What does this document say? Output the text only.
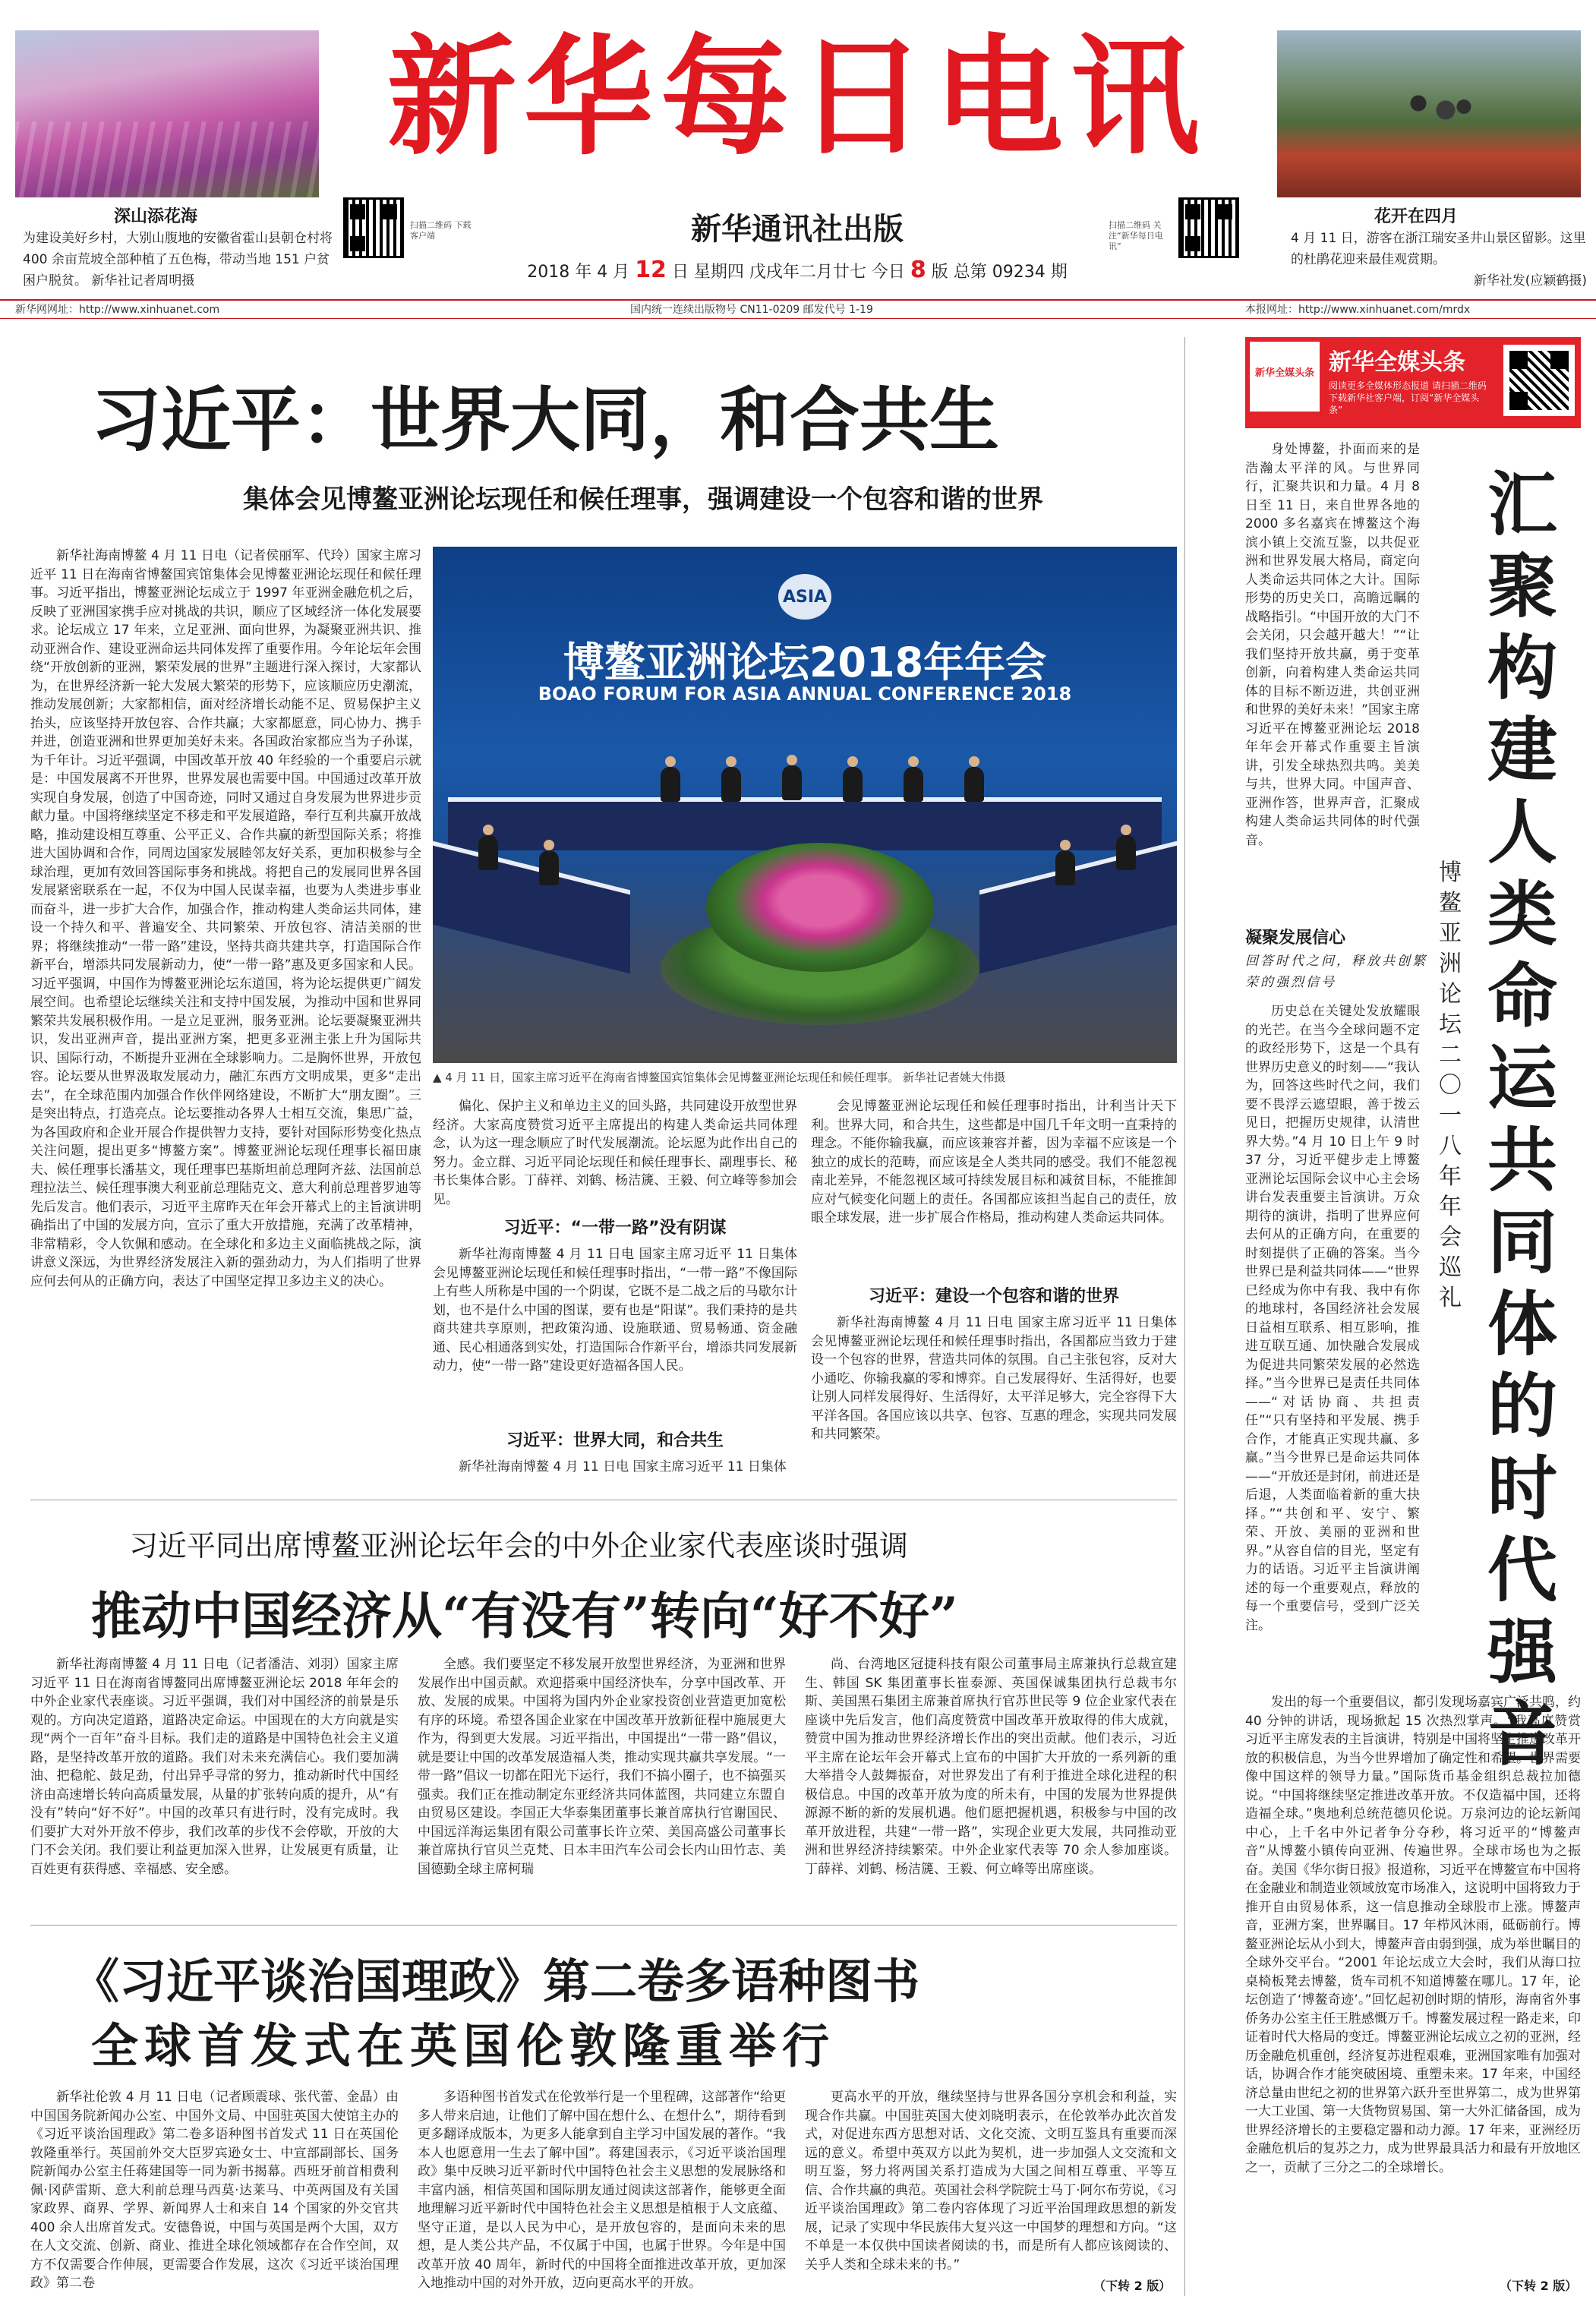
深山添花海
为建设美好乡村，大别山腹地的安徽省霍山县朝仓村将 400 余亩荒坡全部种植了五色梅，带动当地 151 户贫困户脱贫。 新华社记者周明摄
扫描二维码 下载客户端
新华每日电讯
新华通讯社出版
2018 年 4 月 12 日 星期四 戊戌年二月廿七 今日 8 版 总第 09234 期
扫描二维码 关注“新华每日电讯”
花开在四月
4 月 11 日，游客在浙江瑞安圣井山景区留影。这里的杜鹃花迎来最佳观赏期。
新华社发(应颖鹤摄)
新华网网址：http://www.xinhuanet.com	国内统一连续出版物号 CN11-0209 邮发代号 1-19	本报网址：http://www.xinhuanet.com/mrdx
习近平：世界大同，和合共生
集体会见博鳌亚洲论坛现任和候任理事，强调建设一个包容和谐的世界

新华社海南博鳌 4 月 11 日电（记者侯丽军、代玲）国家主席习近平 11 日在海南省博鳌国宾馆集体会见博鳌亚洲论坛现任和候任理事。习近平指出，博鳌亚洲论坛成立于 1997 年亚洲金融危机之后，反映了亚洲国家携手应对挑战的共识，顺应了区域经济一体化发展要求。论坛成立 17 年来，立足亚洲、面向世界，为凝聚亚洲共识、推动亚洲合作、建设亚洲命运共同体发挥了重要作用。今年论坛年会围绕“开放创新的亚洲，繁荣发展的世界”主题进行深入探讨，大家都认为，在世界经济新一轮大发展大繁荣的形势下，应该顺应历史潮流，推动发展创新；大家都相信，面对经济增长动能不足、贸易保护主义抬头，应该坚持开放包容、合作共赢；大家都愿意，同心协力、携手并进，创造亚洲和世界更加美好未来。各国政治家都应当为子孙谋，为千年计。习近平强调，中国改革开放 40 年经验的一个重要启示就是：中国发展离不开世界，世界发展也需要中国。中国通过改革开放实现自身发展，创造了中国奇迹，同时又通过自身发展为世界进步贡献力量。中国将继续坚定不移走和平发展道路，奉行互利共赢开放战略，推动建设相互尊重、公平正义、合作共赢的新型国际关系；将推进大国协调和合作，同周边国家发展睦邻友好关系，更加积极参与全球治理，更加有效回答国际事务和挑战。将把自己的发展同世界各国发展紧密联系在一起，不仅为中国人民谋幸福，也要为人类进步事业而奋斗，进一步扩大合作，加强合作，推动构建人类命运共同体，建设一个持久和平、普遍安全、共同繁荣、开放包容、清洁美丽的世界；将继续推动“一带一路”建设，坚持共商共建共享，打造国际合作新平台，增添共同发展新动力，使“一带一路”惠及更多国家和人民。习近平强调，中国作为博鳌亚洲论坛东道国，将为论坛提供更广阔发展空间。也希望论坛继续关注和支持中国发展，为推动中国和世界同繁荣共发展积极作用。一是立足亚洲，服务亚洲。论坛要凝聚亚洲共识，发出亚洲声音，提出亚洲方案，把更多亚洲主张上升为国际共识、国际行动，不断提升亚洲在全球影响力。二是胸怀世界，开放包容。论坛要从世界汲取发展动力，融汇东西方文明成果，更多“走出去”，在全球范围内加强合作伙伴网络建设，不断扩大“朋友圈”。三是突出特点，打造亮点。论坛要推动各界人士相互交流，集思广益，为各国政府和企业开展合作提供智力支持，要针对国际形势变化热点关注问题，提出更多“博鳌方案”。博鳌亚洲论坛现任理事长福田康夫、候任理事长潘基文，现任理事巴基斯坦前总理阿齐兹、法国前总理拉法兰、候任理事澳大利亚前总理陆克文、意大利前总理普罗迪等先后发言。他们表示，习近平主席昨天在年会开幕式上的主旨演讲明确指出了中国的发展方向，宣示了重大开放措施，充满了改革精神，非常精彩，令人钦佩和感动。在全球化和多边主义面临挑战之际，演讲意义深远，为世界经济发展注入新的强劲动力，为人们指明了世界应何去何从的正确方向，表达了中国坚定捍卫多边主义的决心。

ASIA
博鳌亚洲论坛2018年年会
BOAO FORUM FOR ASIA ANNUAL CONFERENCE 2018
▲ 4 月 11 日，国家主席习近平在海南省博鳌国宾馆集体会见博鳌亚洲论坛现任和候任理事。 新华社记者姚大伟摄

偏化、保护主义和单边主义的回头路，共同建设开放型世界经济。大家高度赞赏习近平主席提出的构建人类命运共同体理念，认为这一理念顺应了时代发展潮流。论坛愿为此作出自己的努力。金立群、习近平同论坛现任和候任理事长、副理事长、秘书长集体合影。丁薛祥、刘鹤、杨洁篪、王毅、何立峰等参加会见。

习近平：“一带一路”没有阴谋

新华社海南博鳌 4 月 11 日电 国家主席习近平 11 日集体会见博鳌亚洲论坛现任和候任理事时指出，“一带一路”不像国际上有些人所称是中国的一个阴谋，它既不是二战之后的马歇尔计划，也不是什么中国的图谋，要有也是“阳谋”。我们秉持的是共商共建共享原则，把政策沟通、设施联通、贸易畅通、资金融通、民心相通落到实处，打造国际合作新平台，增添共同发展新动力，使“一带一路”建设更好造福各国人民。

习近平：世界大同，和合共生

新华社海南博鳌 4 月 11 日电 国家主席习近平 11 日集体

会见博鳌亚洲论坛现任和候任理事时指出，计利当计天下利。世界大同，和合共生，这些都是中国几千年文明一直秉持的理念。不能你输我赢，而应该兼容并蓄，因为幸福不应该是一个独立的成长的范畴，而应该是全人类共同的感受。我们不能忽视南北差异，不能忽视区域可持续发展目标和减贫目标，不能推卸应对气候变化问题上的责任。各国都应该担当起自己的责任，放眼全球发展，进一步扩展合作格局，推动构建人类命运共同体。

习近平：建设一个包容和谐的世界

新华社海南博鳌 4 月 11 日电 国家主席习近平 11 日集体会见博鳌亚洲论坛现任和候任理事时指出，各国都应当致力于建设一个包容的世界，营造共同体的氛围。自己主张包容，反对大小通吃、你输我赢的零和博弈。自己发展得好、生活得好，也要让别人同样发展得好、生活得好，太平洋足够大，完全容得下大平洋各国。各国应该以共享、包容、互惠的理念，实现共同发展和共同繁荣。

习近平同出席博鳌亚洲论坛年会的中外企业家代表座谈时强调
推动中国经济从“有没有”转向“好不好”

新华社海南博鳌 4 月 11 日电（记者潘洁、刘羽）国家主席习近平 11 日在海南省博鳌同出席博鳌亚洲论坛 2018 年年会的中外企业家代表座谈。习近平强调，我们对中国经济的前景是乐观的。方向决定道路，道路决定命运。中国现在的大方向就是实现“两个一百年”奋斗目标。我们走的道路是中国特色社会主义道路，是坚持改革开放的道路。我们对未来充满信心。我们要加满油、把稳舵、鼓足劲，付出异乎寻常的努力，推动新时代中国经济由高速增长转向高质量发展，从量的扩张转向质的提升，从“有没有”转向“好不好”。中国的改革只有进行时，没有完成时。我们要扩大对外开放不停步，我们改革的步伐不会停歇，开放的大门不会关闭。我们要让利益更加深入世界，让发展更有质量，让百姓更有获得感、幸福感、安全感。

全感。我们要坚定不移发展开放型世界经济，为亚洲和世界发展作出中国贡献。欢迎搭乘中国经济快车，分享中国改革、开放、发展的成果。中国将为国内外企业家投资创业营造更加宽松有序的环境。希望各国企业家在中国改革开放新征程中施展更大作为，得到更大发展。习近平指出，中国提出“一带一路”倡议，就是要让中国的改革发展造福人类，推动实现共赢共享发展。“一带一路”倡议一切都在阳光下运行，我们不搞小圈子，也不搞强买强卖。我们正在推动制定东亚经济共同体蓝图，共同建立东盟自由贸易区建设。李国正大华泰集团董事长兼首席执行官谢国民、中国远洋海运集团有限公司董事长许立荣、美国高盛公司董事长兼首席执行官贝兰克梵、日本丰田汽车公司会长内山田竹志、美国德勤全球主席柯瑞

尚、台湾地区冠捷科技有限公司董事局主席兼执行总裁宣建生、韩国 SK 集团董事长崔泰源、英国保诚集团执行总裁韦尔斯、美国黑石集团主席兼首席执行官苏世民等 9 位企业家代表在座谈中先后发言，他们高度赞赏中国改革开放取得的伟大成就，赞赏中国为推动世界经济增长作出的突出贡献。他们表示，习近平主席在论坛年会开幕式上宣布的中国扩大开放的一系列新的重大举措令人鼓舞振奋，对世界发出了有利于推进全球化进程的积极信息。中国的改革开放为度的所未有，中国的发展为世界提供源源不断的新的发展机遇。他们愿把握机遇，积极参与中国的改革开放进程，共建“一带一路”，实现企业更大发展，共同推动亚洲和世界经济持续繁荣。中外企业家代表等 70 余人参加座谈。丁薛祥、刘鹤、杨洁篪、王毅、何立峰等出席座谈。

《习近平谈治国理政》第二卷多语种图书
全球首发式在英国伦敦隆重举行

新华社伦敦 4 月 11 日电（记者顾震球、张代蕾、金晶）由中国国务院新闻办公室、中国外文局、中国驻英国大使馆主办的《习近平谈治国理政》第二卷多语种图书首发式 11 日在英国伦敦隆重举行。英国前外交大臣罗宾逊女士、中宣部副部长、国务院新闻办公室主任蒋建国等一同为新书揭幕。西班牙前首相费利佩·冈萨雷斯、意大利前总理马西莫·达莱马、中英两国及有关国家政界、商界、学界、新闻界人士和来自 14 个国家的外交官共 400 余人出席首发式。安德鲁说，中国与英国是两个大国，双方在人文交流、创新、商业、推进全球化领域都存在合作空间，双方不仅需要合作伸展，更需要合作发展，这次《习近平谈治国理政》第二卷

多语种图书首发式在伦敦举行是一个里程碑，这部著作“给更多人带来启迪，让他们了解中国在想什么、在想什么”，期待看到更多翻译成版本，为更多人能拿到自主学习中国发展的著作。“我本人也愿意用一生去了解中国”。蒋建国表示，《习近平谈治国理政》集中反映习近平新时代中国特色社会主义思想的发展脉络和丰富内涵，相信英国和国际朋友通过阅读这部著作，能够更全面地理解习近平新时代中国特色社会主义思想是植根于人文底蕴、坚守正道，是以人民为中心，是开放包容的，是面向未来的思想，是人类公共产品，不仅属于中国，也属于世界。今年是中国改革开放 40 周年，新时代的中国将全面推进改革开放，更加深入地推动中国的对外开放，迈向更高水平的开放。

更高水平的开放，继续坚持与世界各国分享机会和利益，实现合作共赢。中国驻英国大使刘晓明表示，在伦敦举办此次首发式，对促进东西方思想对话、文化交流、文明互鉴具有重要而深远的意义。希望中英双方以此为契机，进一步加强人文交流和文明互鉴，努力将两国关系打造成为大国之间相互尊重、平等互信、合作共赢的典范。英国社会科学院院士马丁·阿尔布劳说，《习近平谈治国理政》第二卷内容体现了习近平治国理政思想的新发展，记录了实现中华民族伟大复兴这一中国梦的理想和方向。“这不单是一本仅供中国读者阅读的书，而是所有人都应该阅读的、关乎人类和全球未来的书。”

（下转 2 版）
新华全媒头条 新华全媒头条
阅读更多全媒体形态报道 请扫描二维码下载新华社客户端，订阅“新华全媒头条”

身处博鳌，扑面而来的是浩瀚太平洋的风。与世界同行，汇聚共识和力量。4 月 8 日至 11 日，来自世界各地的 2000 多名嘉宾在博鳌这个海滨小镇上交流互鉴，以共促亚洲和世界发展大格局，商定向人类命运共同体之大计。国际形势的历史关口，高瞻远瞩的战略指引。“中国开放的大门不会关闭，只会越开越大！”“让我们坚持开放共赢，勇于变革创新，向着构建人类命运共同体的目标不断迈进，共创亚洲和世界的美好未来！”国家主席习近平在博鳌亚洲论坛 2018 年年会开幕式作重要主旨演讲，引发全球热烈共鸣。美美与共，世界大同。中国声音、亚洲作答，世界声音，汇聚成构建人类命运共同体的时代强音。

凝聚发展信心
回答时代之问，释放共创繁荣的强烈信号

历史总在关键处发放耀眼的光芒。在当今全球问题不定的政经形势下，这是一个具有世界历史意义的时刻——“我认为，回答这些时代之问，我们要不畏浮云遮望眼，善于拨云见日，把握历史规律，认清世界大势。”4 月 10 日上午 9 时 37 分，习近平健步走上博鳌亚洲论坛国际会议中心主会场讲台发表重要主旨演讲。万众期待的演讲，指明了世界应何去何从的正确方向，在重要的时刻提供了正确的答案。当今世界已是利益共同体——“世界已经成为你中有我、我中有你的地球村，各国经济社会发展日益相互联系、相互影响，推进互联互通、加快融合发展成为促进共同繁荣发展的必然选择。”当今世界已是责任共同体——“对话协商、共担责任”“只有坚持和平发展、携手合作，才能真正实现共赢、多赢。”当今世界已是命运共同体——“开放还是封闭，前进还是后退，人类面临着新的重大抉择。”“共创和平、安宁、繁荣、开放、美丽的亚洲和世界。”从容自信的目光，坚定有力的话语。习近平主旨演讲阐述的每一个重要观点，释放的每一个重要信号，受到广泛关注。

发出的每一个重要倡议，都引发现场嘉宾广泛共鸣，约 40 分钟的讲话，现场掀起 15 次热烈掌声。“我高度赞赏习近平主席发表的主旨演讲，特别是中国将坚定推进改革开放的积极信息，为当今世界增加了确定性和希望。世界需要像中国这样的领导力量。”国际货币基金组织总裁拉加德说。“中国将继续坚定推进改革开放。不仅造福中国，还将造福全球。”奥地利总统范德贝伦说。万泉河边的论坛新闻中心，上千名中外记者争分夺秒，将习近平的“博鳌声音”从博鳌小镇传向亚洲、传遍世界。全球市场也为之振奋。美国《华尔街日报》报道称，习近平在博鳌宣布中国将在金融业和制造业领域放宽市场准入，这说明中国将致力于推开自由贸易体系，这一信息推动全球股市上涨。博鳌声音，亚洲方案，世界瞩目。17 年栉风沐雨，砥砺前行。博鳌亚洲论坛从小到大，博鳌声音由弱到强，成为举世瞩目的全球外交平台。“2001 年论坛成立大会时，我们从海口拉桌椅板凳去博鳌，货车司机不知道博鳌在哪儿。17 年，论坛创造了‘博鳌奇迹’。”回忆起初创时期的情形，海南省外事侨务办公室主任王胜感慨万千。博鳌发展过程一路走来，印证着时代大格局的变迁。博鳌亚洲论坛成立之初的亚洲，经历金融危机重创，经济复苏进程艰难，亚洲国家唯有加强对话，协调合作才能突破困境、重塑未来。17 年来，中国经济总量由世纪之初的世界第六跃升至世界第二，成为世界第一大工业国、第一大货物贸易国、第一大外汇储备国，成为世界经济增长的主要稳定器和动力源。17 年来，亚洲经历金融危机后的复苏之力，成为世界最具活力和最有开放地区之一，贡献了三分之二的全球增长。

（下转 2 版）
汇聚构建人类命运共同体的时代强音
博鳌亚洲论坛二〇一八年年会巡礼
